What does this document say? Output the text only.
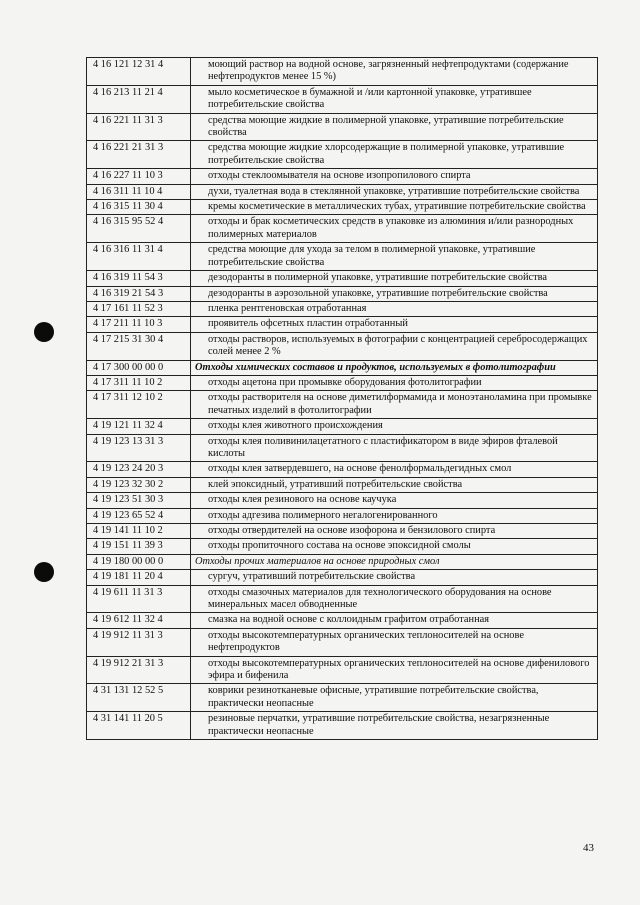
4 16 121 12 31 4	моющий раствор на водной основе, загрязненный нефтепродуктами (содержание нефтепродуктов менее 15 %)
4 16 213 11 21 4	мыло косметическое в бумажной и /или картонной упаковке, утратившее потребительские свойства
4 16 221 11 31 3	средства моющие жидкие в полимерной упаковке, утратившие потребительские свойства
4 16 221 21 31 3	средства моющие жидкие хлорсодержащие в полимерной упаковке, утратившие потребительские свойства
4 16 227 11 10 3	отходы стеклоомывателя на основе изопропилового спирта
4 16 311 11 10 4	духи, туалетная вода в стеклянной упаковке, утратившие потребительские свойства
4 16 315 11 30 4	кремы косметические в металлических тубах, утратившие потребительские свойства
4 16 315 95 52 4	отходы и брак косметических средств в упаковке из алюминия и/или разнородных полимерных материалов
4 16 316 11 31 4	средства моющие для ухода за телом в полимерной упаковке, утратившие потребительские свойства
4 16 319 11 54 3	дезодоранты в полимерной упаковке, утратившие потребительские свойства
4 16 319 21 54 3	дезодоранты в аэрозольной упаковке, утратившие потребительские свойства
4 17 161 11 52 3	пленка рентгеновская отработанная
4 17 211 11 10 3	проявитель офсетных пластин отработанный
4 17 215 31 30 4	отходы растворов, используемых в фотографии с концентрацией серебросодержащих солей менее 2 %
4 17 300 00 00 0	Отходы химических составов и продуктов, используемых в фотолитографии
4 17 311 11 10 2	отходы ацетона при промывке оборудования фотолитографии
4 17 311 12 10 2	отходы растворителя на основе диметилформамида и моноэтаноламина при промывке печатных изделий в фотолитографии
4 19 121 11 32 4	отходы клея животного происхождения
4 19 123 13 31 3	отходы клея поливинилацетатного с пластификатором в виде эфиров фталевой кислоты
4 19 123 24 20 3	отходы клея затвердевшего, на основе фенолформальдегидных смол
4 19 123 32 30 2	клей эпоксидный, утративший потребительские свойства
4 19 123 51 30 3	отходы клея резинового на основе каучука
4 19 123 65 52 4	отходы адгезива полимерного негалогенированного
4 19 141 11 10 2	отходы отвердителей на основе изофорона и бензилового спирта
4 19 151 11 39 3	отходы пропиточного состава на основе эпоксидной смолы
4 19 180 00 00 0	Отходы прочих материалов на основе природных смол
4 19 181 11 20 4	сургуч, утративший потребительские свойства
4 19 611 11 31 3	отходы смазочных материалов для технологического оборудования на основе минеральных масел обводненные
4 19 612 11 32 4	смазка на водной основе с коллоидным графитом отработанная
4 19 912 11 31 3	отходы высокотемпературных органических теплоносителей на основе нефтепродуктов
4 19 912 21 31 3	отходы высокотемпературных органических теплоносителей на основе дифенилового эфира и бифенила
4 31 131 12 52 5	коврики резинотканевые офисные, утратившие потребительские свойства, практически неопасные
4 31 141 11 20 5	резиновые перчатки, утратившие потребительские свойства, незагрязненные практически неопасные
43
